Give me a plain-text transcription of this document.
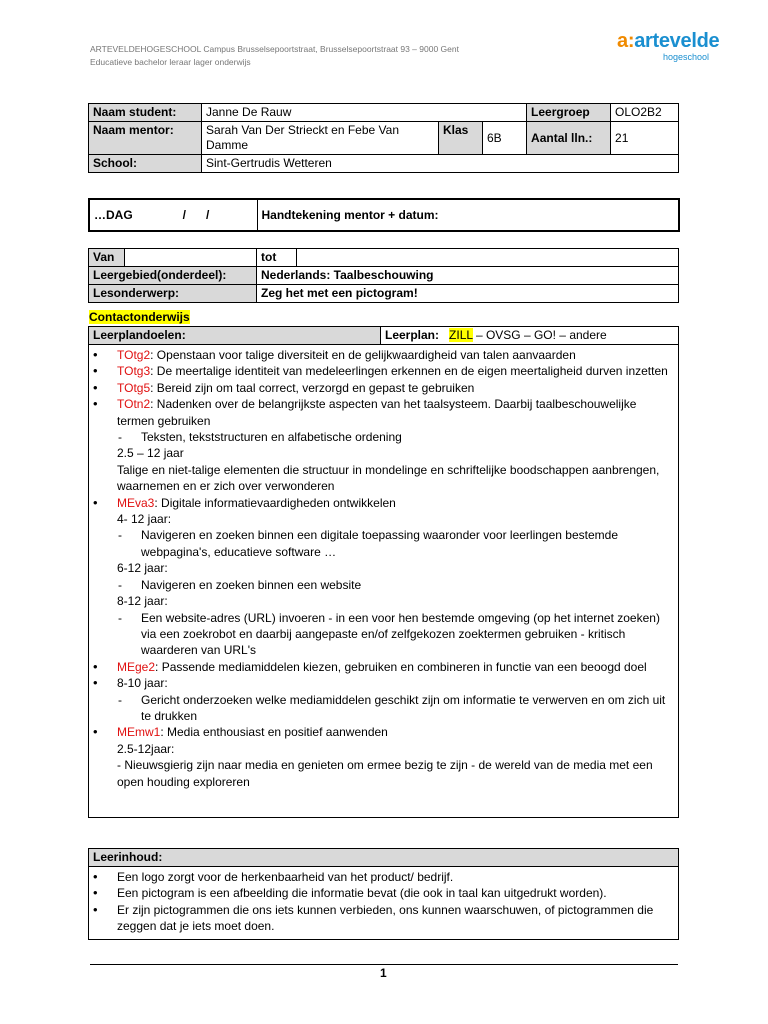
ARTEVELDEHOGESCHOOL Campus Brusselsepoortstraat, Brusselsepoortstraat 93 – 9000 Gent
Educatieve bachelor leraar lager onderwijs
a:artevelde
hogeschool
Naam student:	Janne De Rauw			Leergroep	OLO2B2
Naam mentor:	Sarah Van Der Strieckt en Febe Van Damme	Klas	6B	Aantal lln.:	21
School:	Sint-Gertrudis Wetteren				
…DAG               /      /	Handtekening mentor + datum:
Van		tot	
Leergebied(onderdeel):		Nederlands: Taalbeschouwing	
Lesonderwerp:		Zeg het met een pictogram!	
Contactonderwijs
Leerplandoelen:	Leerplan: ZILL – OVSG – GO! – andere

• TOtg2: Openstaan voor talige diversiteit en de gelijkwaardigheid van talen aanvaarden
• TOtg3: De meertalige identiteit van medeleerlingen erkennen en de eigen meertaligheid durven inzetten
• TOtg5: Bereid zijn om taal correct, verzorgd en gepast te gebruiken
• TOtn2: Nadenken over de belangrijkste aspecten van het taalsysteem. Daarbij taalbeschouwelijke termen gebruiken
- Teksten, tekststructuren en alfabetische ordening
2.5 – 12 jaar
Talige en niet-talige elementen die structuur in mondelinge en schriftelijke boodschappen aanbrengen, waarnemen en er zich over verwonderen
• MEva3: Digitale informatievaardigheden ontwikkelen
4- 12 jaar:
- Navigeren en zoeken binnen een digitale toepassing waaronder voor leerlingen bestemde webpagina's, educatieve software …
6-12 jaar:
- Navigeren en zoeken binnen een website
8-12 jaar:
- Een website-adres (URL) invoeren - in een voor hen bestemde omgeving (op het internet zoeken) via een zoekrobot en daarbij aangepaste en/of zelfgekozen zoektermen gebruiken - kritisch waarderen van URL's
• MEge2: Passende mediamiddelen kiezen, gebruiken en combineren in functie van een beoogd doel
• 8-10 jaar:
- Gericht onderzoeken welke mediamiddelen geschikt zijn om informatie te verwerven en om zich uit te drukken
• MEmw1: Media enthousiast en positief aanwenden
2.5-12jaar:
- Nieuwsgierig zijn naar media en genieten om ermee bezig te zijn - de wereld van de media met een open houding exploreren
Leerinhoud:

• Een logo zorgt voor de herkenbaarheid van het product/ bedrijf.
• Een pictogram is een afbeelding die informatie bevat (die ook in taal kan uitgedrukt worden).
• Er zijn pictogrammen die ons iets kunnen verbieden, ons kunnen waarschuwen, of pictogrammen die zeggen dat je iets moet doen.
1
